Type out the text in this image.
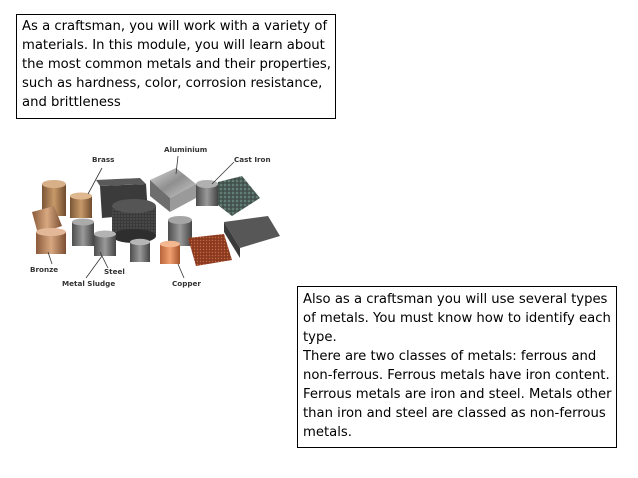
As a craftsman, you will work with a variety of materials. In this module, you will learn about the most common metals and their properties, such as hardness, color, corrosion resistance, and brittleness

Brass
Aluminium
Cast Iron
Bronze	Steel
Metal Sludge	Copper

Also as a craftsman you will use several types of metals. You must know how to identify each type.

There are two classes of metals: ferrous and non-ferrous. Ferrous metals have iron content. Ferrous metals are iron and steel. Metals other than iron and steel are classed as non-ferrous metals.
